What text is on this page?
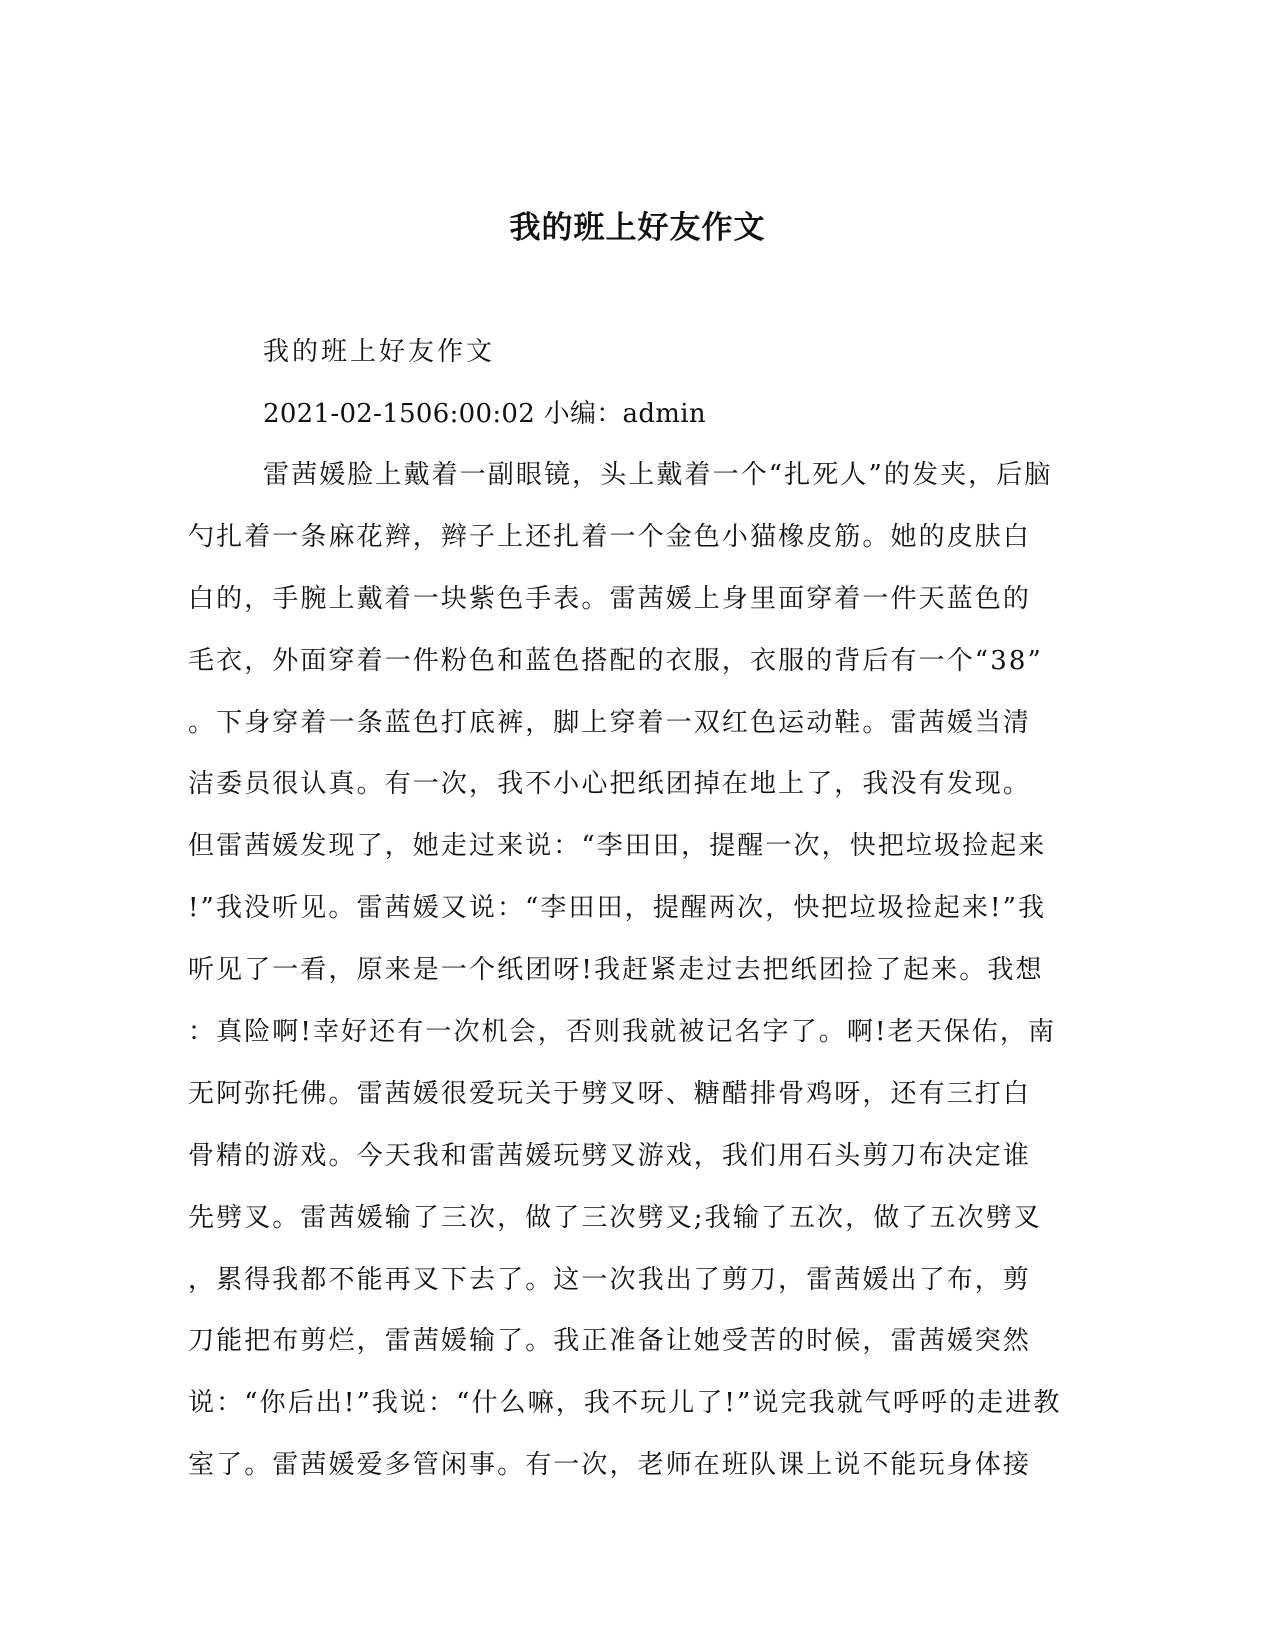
我的班上好友作文

我的班上好友作文

2021-02-1506:00:02 小编：admin

雷茜媛脸上戴着一副眼镜，头上戴着一个“扎死人”的发夹，后脑

勺扎着一条麻花辫，辫子上还扎着一个金色小猫橡皮筋。她的皮肤白

白的，手腕上戴着一块紫色手表。雷茜媛上身里面穿着一件天蓝色的

毛衣，外面穿着一件粉色和蓝色搭配的衣服，衣服的背后有一个“38”

。下身穿着一条蓝色打底裤，脚上穿着一双红色运动鞋。雷茜媛当清

洁委员很认真。有一次，我不小心把纸团掉在地上了，我没有发现。

但雷茜媛发现了，她走过来说：“李田田，提醒一次，快把垃圾捡起来

!”我没听见。雷茜媛又说：“李田田，提醒两次，快把垃圾捡起来!”我

听见了一看，原来是一个纸团呀!我赶紧走过去把纸团捡了起来。我想

：真险啊!幸好还有一次机会，否则我就被记名字了。啊!老天保佑，南

无阿弥托佛。雷茜媛很爱玩关于劈叉呀、糖醋排骨鸡呀，还有三打白

骨精的游戏。今天我和雷茜媛玩劈叉游戏，我们用石头剪刀布决定谁

先劈叉。雷茜媛输了三次，做了三次劈叉;我输了五次，做了五次劈叉

，累得我都不能再叉下去了。这一次我出了剪刀，雷茜媛出了布，剪

刀能把布剪烂，雷茜媛输了。我正准备让她受苦的时候，雷茜媛突然

说：“你后出!”我说：“什么嘛，我不玩儿了!”说完我就气呼呼的走进教

室了。雷茜媛爱多管闲事。有一次，老师在班队课上说不能玩身体接
